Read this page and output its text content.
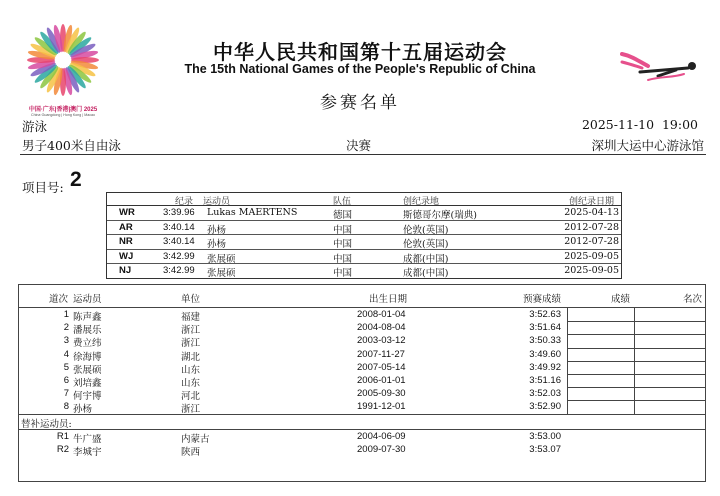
中国·广东|香港|澳门 2025
China·Guangdong | Hong Kong | Macao
中华人民共和国第十五届运动会
The 15th National Games of the People's Republic of China
参赛名单
游泳	2025-11-10  19:00
男子400米自由泳	决赛	深圳大运中心游泳馆
项目号: 2
纪录 运动员	队伍	创纪录地	创纪录日期
WR	3:39.96 Lukas MAERTENS	德国	斯德哥尔摩(瑞典)	2025-04-13
AR	3:40.14 孙杨	中国	伦敦(英国)	2012-07-28
NR	3:40.14 孙杨	中国	伦敦(英国)	2012-07-28
WJ	3:42.99 张展硕	中国	成都(中国)	2025-09-05
NJ	3:42.99 张展硕	中国	成都(中国)	2025-09-05
道次 运动员	单位	出生日期	预赛成绩	成绩	名次
1 陈声鑫	福建	2008-01-04	3:52.63
2 潘展乐	浙江	2004-08-04	3:51.64
3 费立纬	浙江	2003-03-12	3:50.33
4 徐海博	湖北	2007-11-27	3:49.60
5 张展硕	山东	2007-05-14	3:49.92
6 刘培鑫	山东	2006-01-01	3:51.16
7 何宇博	河北	2005-09-30	3:52.03
8 孙杨	浙江	1991-12-01	3:52.90
替补运动员:
R1 牛广盛	内蒙古	2004-06-09	3:53.00
R2 李城宇	陕西	2009-07-30	3:53.07
